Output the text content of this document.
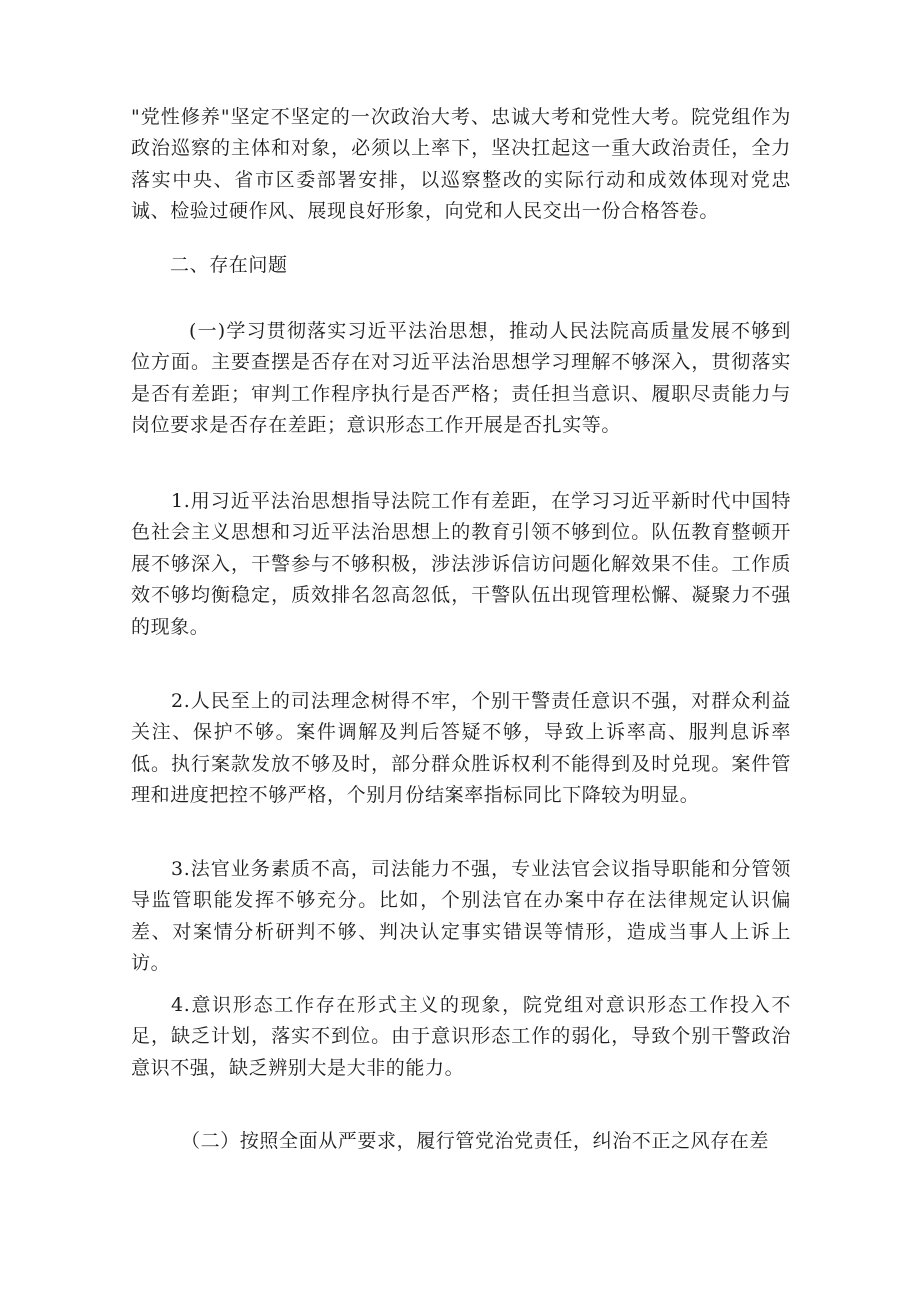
"党性修养"坚定不坚定的一次政治大考、忠诚大考和党性大考。院党组作为政治巡察的主体和对象，必须以上率下，坚决扛起这一重大政治责任，全力落实中央、省市区委部署安排，以巡察整改的实际行动和成效体现对党忠诚、检验过硬作风、展现良好形象，向党和人民交出一份合格答卷。

二、存在问题

(一)学习贯彻落实习近平法治思想，推动人民法院高质量发展不够到位方面。主要查摆是否存在对习近平法治思想学习理解不够深入，贯彻落实是否有差距；审判工作程序执行是否严格；责任担当意识、履职尽责能力与岗位要求是否存在差距；意识形态工作开展是否扎实等。

1.用习近平法治思想指导法院工作有差距，在学习习近平新时代中国特色社会主义思想和习近平法治思想上的教育引领不够到位。队伍教育整顿开展不够深入，干警参与不够积极，涉法涉诉信访问题化解效果不佳。工作质效不够均衡稳定，质效排名忽高忽低，干警队伍出现管理松懈、凝聚力不强的现象。

2.人民至上的司法理念树得不牢，个别干警责任意识不强，对群众利益关注、保护不够。案件调解及判后答疑不够，导致上诉率高、服判息诉率低。执行案款发放不够及时，部分群众胜诉权利不能得到及时兑现。案件管理和进度把控不够严格，个别月份结案率指标同比下降较为明显。

3.法官业务素质不高，司法能力不强，专业法官会议指导职能和分管领导监管职能发挥不够充分。比如，个别法官在办案中存在法律规定认识偏差、对案情分析研判不够、判决认定事实错误等情形，造成当事人上诉上访。

4.意识形态工作存在形式主义的现象，院党组对意识形态工作投入不足，缺乏计划，落实不到位。由于意识形态工作的弱化，导致个别干警政治意识不强，缺乏辨别大是大非的能力。

（二）按照全面从严要求，履行管党治党责任，纠治不正之风存在差
